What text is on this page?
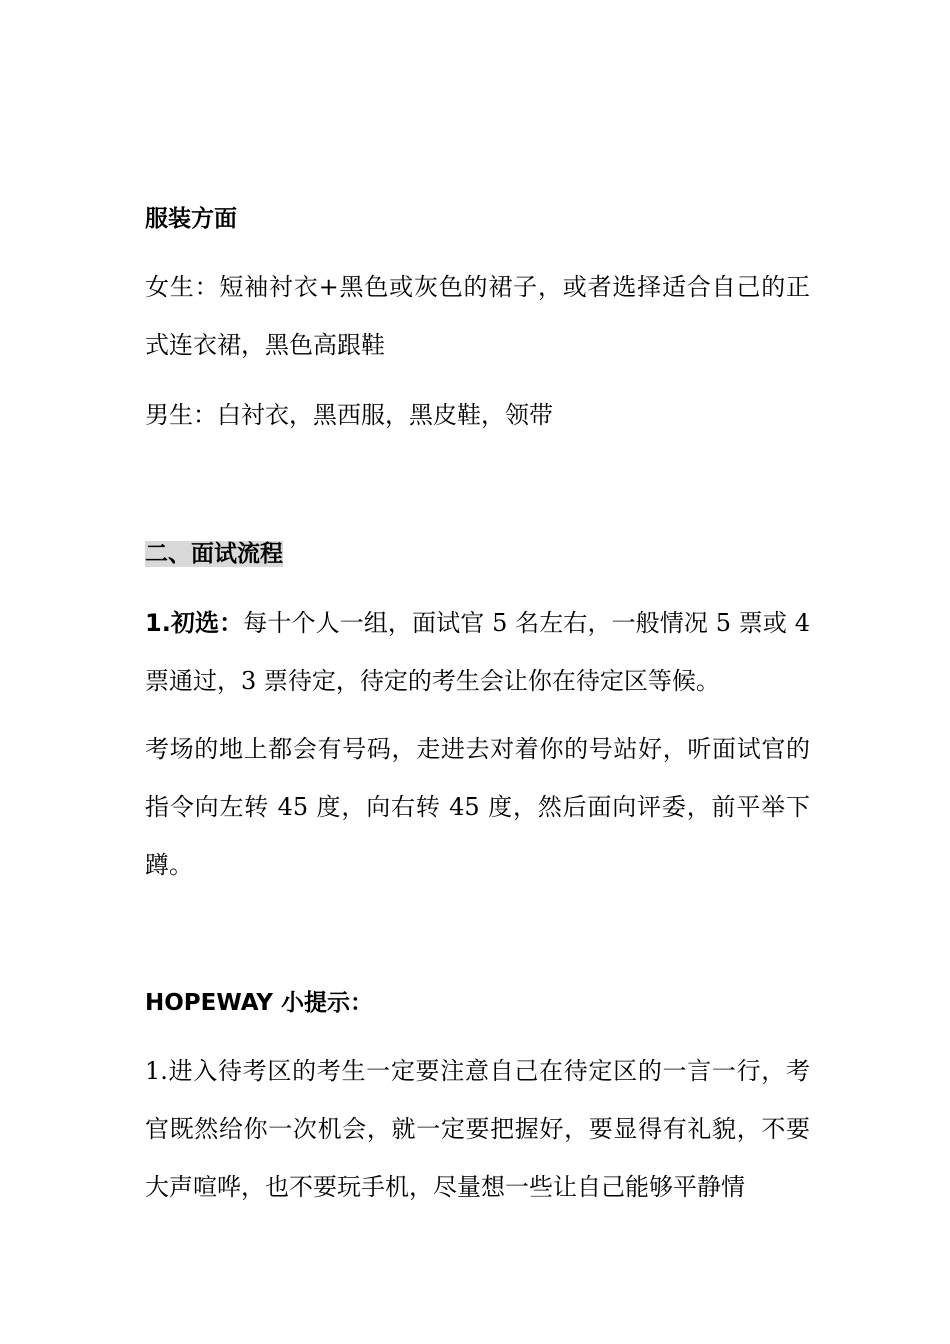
服装方面

女生：短袖衬衣+黑色或灰色的裙子，或者选择适合自己的正式连衣裙，黑色高跟鞋

男生：白衬衣，黑西服，黑皮鞋，领带

二、面试流程

1.初选：每十个人一组，面试官 5 名左右，一般情况 5 票或 4 票通过，3 票待定，待定的考生会让你在待定区等候。

考场的地上都会有号码，走进去对着你的号站好，听面试官的指令向左转 45 度，向右转 45 度，然后面向评委，前平举下蹲。

HOPEWAY 小提示：

1.进入待考区的考生一定要注意自己在待定区的一言一行，考官既然给你一次机会，就一定要把握好，要显得有礼貌，不要大声喧哗，也不要玩手机，尽量想一些让自己能够平静情
